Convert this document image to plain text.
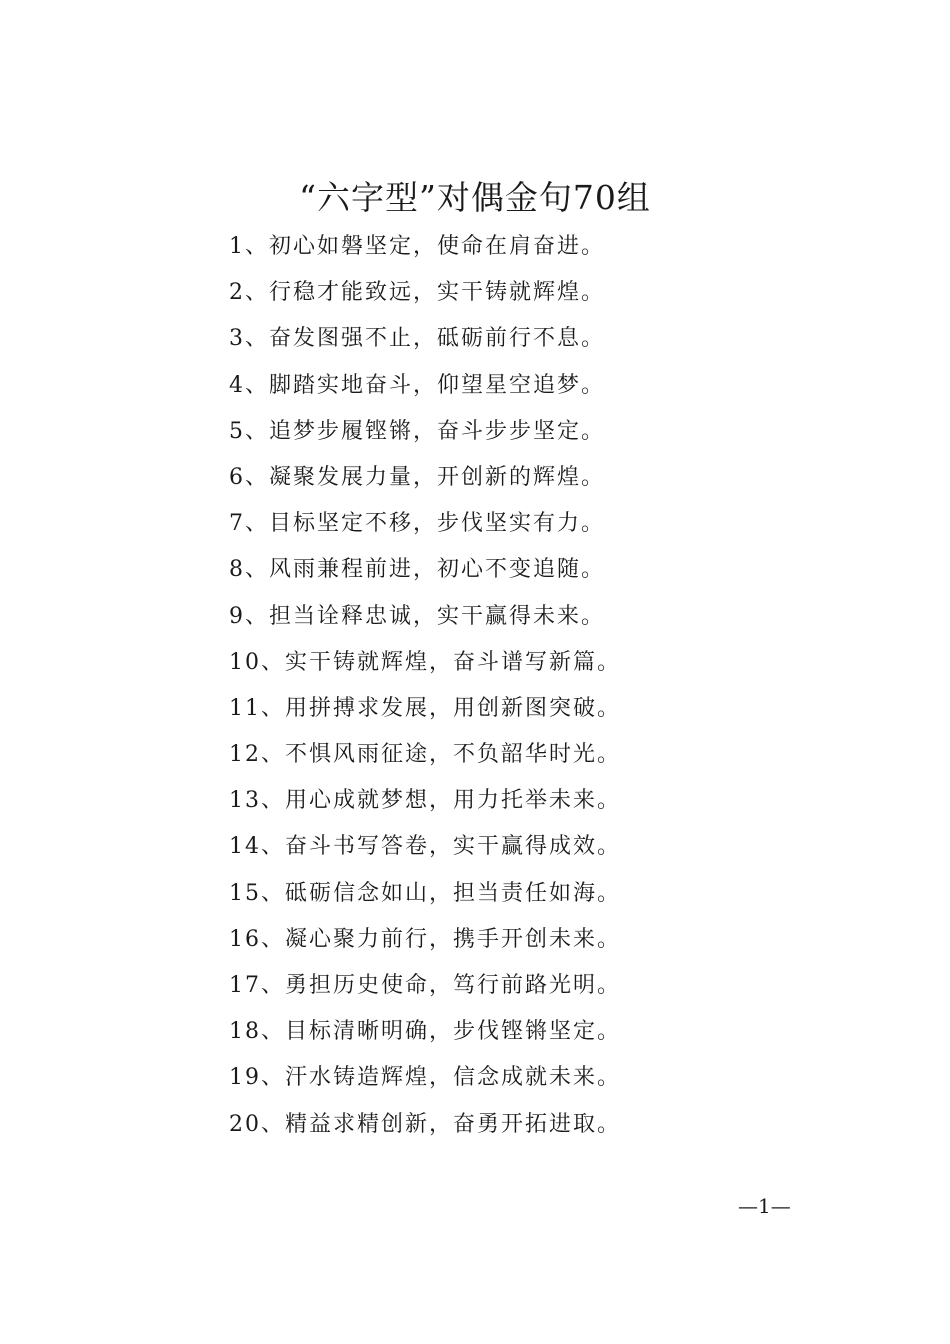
“六字型”对偶金句70组
1、初心如磐坚定，使命在肩奋进。
2、行稳才能致远，实干铸就辉煌。
3、奋发图强不止，砥砺前行不息。
4、脚踏实地奋斗，仰望星空追梦。
5、追梦步履铿锵，奋斗步步坚定。
6、凝聚发展力量，开创新的辉煌。
7、目标坚定不移，步伐坚实有力。
8、风雨兼程前进，初心不变追随。
9、担当诠释忠诚，实干赢得未来。
10、实干铸就辉煌，奋斗谱写新篇。
11、用拼搏求发展，用创新图突破。
12、不惧风雨征途，不负韶华时光。
13、用心成就梦想，用力托举未来。
14、奋斗书写答卷，实干赢得成效。
15、砥砺信念如山，担当责任如海。
16、凝心聚力前行，携手开创未来。
17、勇担历史使命，笃行前路光明。
18、目标清晰明确，步伐铿锵坚定。
19、汗水铸造辉煌，信念成就未来。
20、精益求精创新，奋勇开拓进取。
—1—
